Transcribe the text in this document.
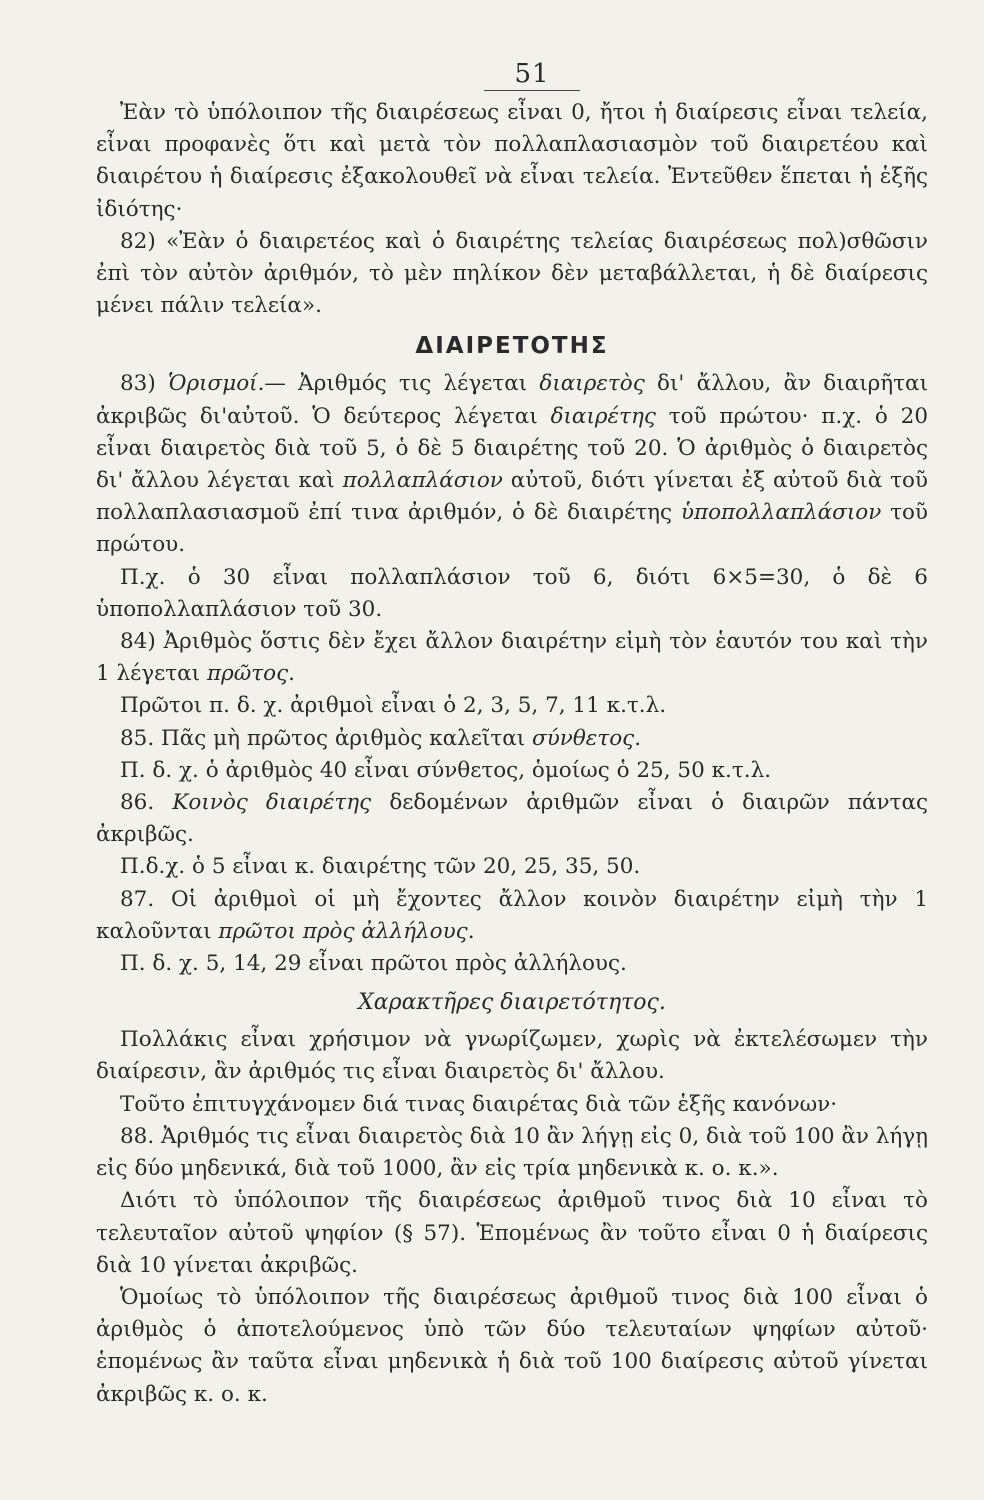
51

Ἐὰν τὸ ὑπόλοιπον τῆς διαιρέσεως εἶναι 0, ἤτοι ἡ διαίρεσις εἶναι τελεία, εἶναι προφανὲς ὅτι καὶ μετὰ τὸν πολλαπλασιασμὸν τοῦ διαιρετέου καὶ διαιρέτου ἡ διαίρεσις ἐξακολουθεῖ νὰ εἶναι τελεία. Ἐντεῦθεν ἕπεται ἡ ἑξῆς ἰδιότης·

82) «Ἐὰν ὁ διαιρετέος καὶ ὁ διαιρέτης τελείας διαιρέσεως πολ)σθῶσιν ἐπὶ τὸν αὐτὸν ἀριθμόν, τὸ μὲν πηλίκον δὲν μεταβάλλεται, ἡ δὲ διαίρεσις μένει πάλιν τελεία».

ΔΙΑΙΡΕΤΟΤΗΣ

83) Ὁρισμοί.— Ἀριθμός τις λέγεται διαιρετὸς δι' ἄλλου, ἂν διαιρῆται ἀκριβῶς δι'αὐτοῦ. Ὁ δεύτερος λέγεται διαιρέτης τοῦ πρώτου· π.χ. ὁ 20 εἶναι διαιρετὸς διὰ τοῦ 5, ὁ δὲ 5 διαιρέτης τοῦ 20. Ὁ ἀριθμὸς ὁ διαιρετὸς δι' ἄλλου λέγεται καὶ πολλαπλάσιον αὐτοῦ, διότι γίνεται ἐξ αὐτοῦ διὰ τοῦ πολλαπλασιασμοῦ ἐπί τινα ἀριθμόν, ὁ δὲ διαιρέτης ὑποπολλαπλάσιον τοῦ πρώτου.

Π.χ. ὁ 30 εἶναι πολλαπλάσιον τοῦ 6, διότι 6×5=30, ὁ δὲ 6 ὑποπολλαπλάσιον τοῦ 30.

84) Ἀριθμὸς ὅστις δὲν ἔχει ἄλλον διαιρέτην εἰμὴ τὸν ἑαυτόν του καὶ τὴν 1 λέγεται πρῶτος.

Πρῶτοι π. δ. χ. ἀριθμοὶ εἶναι ὁ 2, 3, 5, 7, 11 κ.τ.λ.

85. Πᾶς μὴ πρῶτος ἀριθμὸς καλεῖται σύνθετος.

Π. δ. χ. ὁ ἀριθμὸς 40 εἶναι σύνθετος, ὁμοίως ὁ 25, 50 κ.τ.λ.

86. Κοινὸς διαιρέτης δεδομένων ἀριθμῶν εἶναι ὁ διαιρῶν πάντας ἀκριβῶς.

Π.δ.χ. ὁ 5 εἶναι κ. διαιρέτης τῶν 20, 25, 35, 50.

87. Οἱ ἀριθμοὶ οἱ μὴ ἔχοντες ἄλλον κοινὸν διαιρέτην εἰμὴ τὴν 1 καλοῦνται πρῶτοι πρὸς ἀλλήλους.

Π. δ. χ. 5, 14, 29 εἶναι πρῶτοι πρὸς ἀλλήλους.

Χαρακτῆρες διαιρετότητος.

Πολλάκις εἶναι χρήσιμον νὰ γνωρίζωμεν, χωρὶς νὰ ἐκτελέσωμεν τὴν διαίρεσιν, ἂν ἀριθμός τις εἶναι διαιρετὸς δι' ἄλλου.

Τοῦτο ἐπιτυγχάνομεν διά τινας διαιρέτας διὰ τῶν ἑξῆς κανόνων·

88. Ἀριθμός τις εἶναι διαιρετὸς διὰ 10 ἂν λήγῃ εἰς 0, διὰ τοῦ 100 ἂν λήγῃ εἰς δύο μηδενικά, διὰ τοῦ 1000, ἂν εἰς τρία μηδενικὰ κ. ο. κ.».

Διότι τὸ ὑπόλοιπον τῆς διαιρέσεως ἀριθμοῦ τινος διὰ 10 εἶναι τὸ τελευταῖον αὐτοῦ ψηφίον (§ 57). Ἑπομένως ἂν τοῦτο εἶναι 0 ἡ διαίρεσις διὰ 10 γίνεται ἀκριβῶς.

Ὁμοίως τὸ ὑπόλοιπον τῆς διαιρέσεως ἀριθμοῦ τινος διὰ 100 εἶναι ὁ ἀριθμὸς ὁ ἀποτελούμενος ὑπὸ τῶν δύο τελευταίων ψηφίων αὐτοῦ· ἑπομένως ἂν ταῦτα εἶναι μηδενικὰ ἡ διὰ τοῦ 100 διαίρεσις αὐτοῦ γίνεται ἀκριβῶς κ. ο. κ.
